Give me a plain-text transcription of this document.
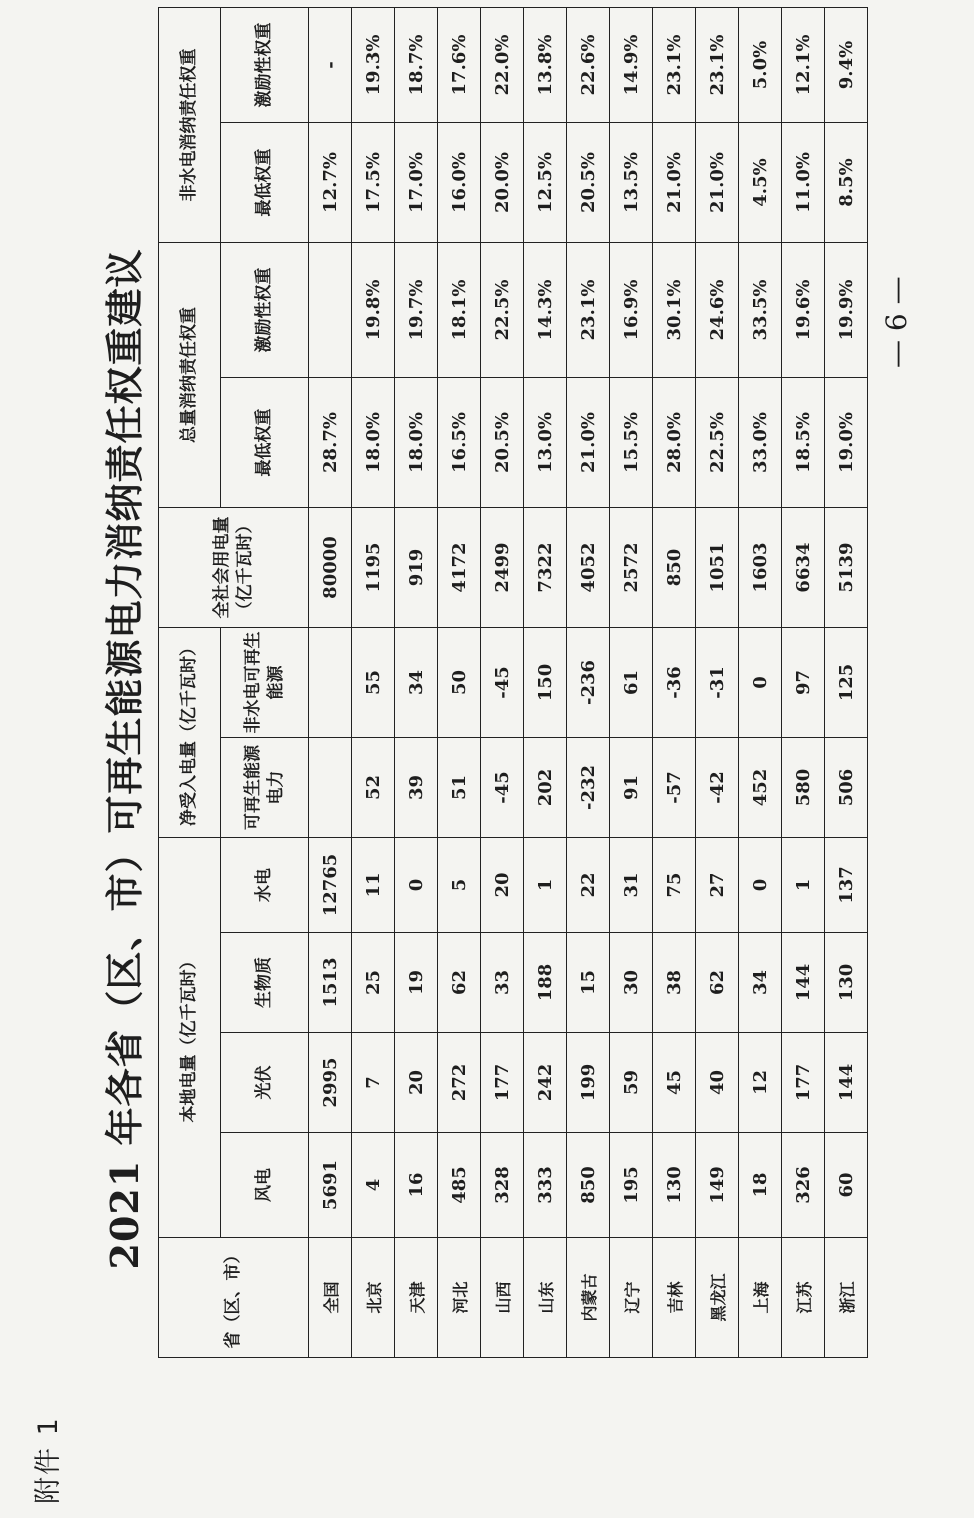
附件 1
2021 年各省（区、市）可再生能源电力消纳责任权重建议
省（区、市）	本地电量（亿千瓦时）				净受入电量（亿千瓦时）		全社会用电量（亿千瓦时）	总量消纳责任权重		非水电消纳责任权重	
	风电	光伏	生物质	水电	可再生能源电力	非水电可再生能源		最低权重	激励性权重	最低权重	激励性权重
全国	5691	2995	1513	12765			80000	28.7%		12.7%	-
北京	4	7	25	11	52	55	1195	18.0%	19.8%	17.5%	19.3%
天津	16	20	19	0	39	34	919	18.0%	19.7%	17.0%	18.7%
河北	485	272	62	5	51	50	4172	16.5%	18.1%	16.0%	17.6%
山西	328	177	33	20	-45	-45	2499	20.5%	22.5%	20.0%	22.0%
山东	333	242	188	1	202	150	7322	13.0%	14.3%	12.5%	13.8%
内蒙古	850	199	15	22	-232	-236	4052	21.0%	23.1%	20.5%	22.6%
辽宁	195	59	30	31	91	61	2572	15.5%	16.9%	13.5%	14.9%
吉林	130	45	38	75	-57	-36	850	28.0%	30.1%	21.0%	23.1%
黑龙江	149	40	62	27	-42	-31	1051	22.5%	24.6%	21.0%	23.1%
上海	18	12	34	0	452	0	1603	33.0%	33.5%	4.5%	5.0%
江苏	326	177	144	1	580	97	6634	18.5%	19.6%	11.0%	12.1%
浙江	60	144	130	137	506	125	5139	19.0%	19.9%	8.5%	9.4%
— 6 —
